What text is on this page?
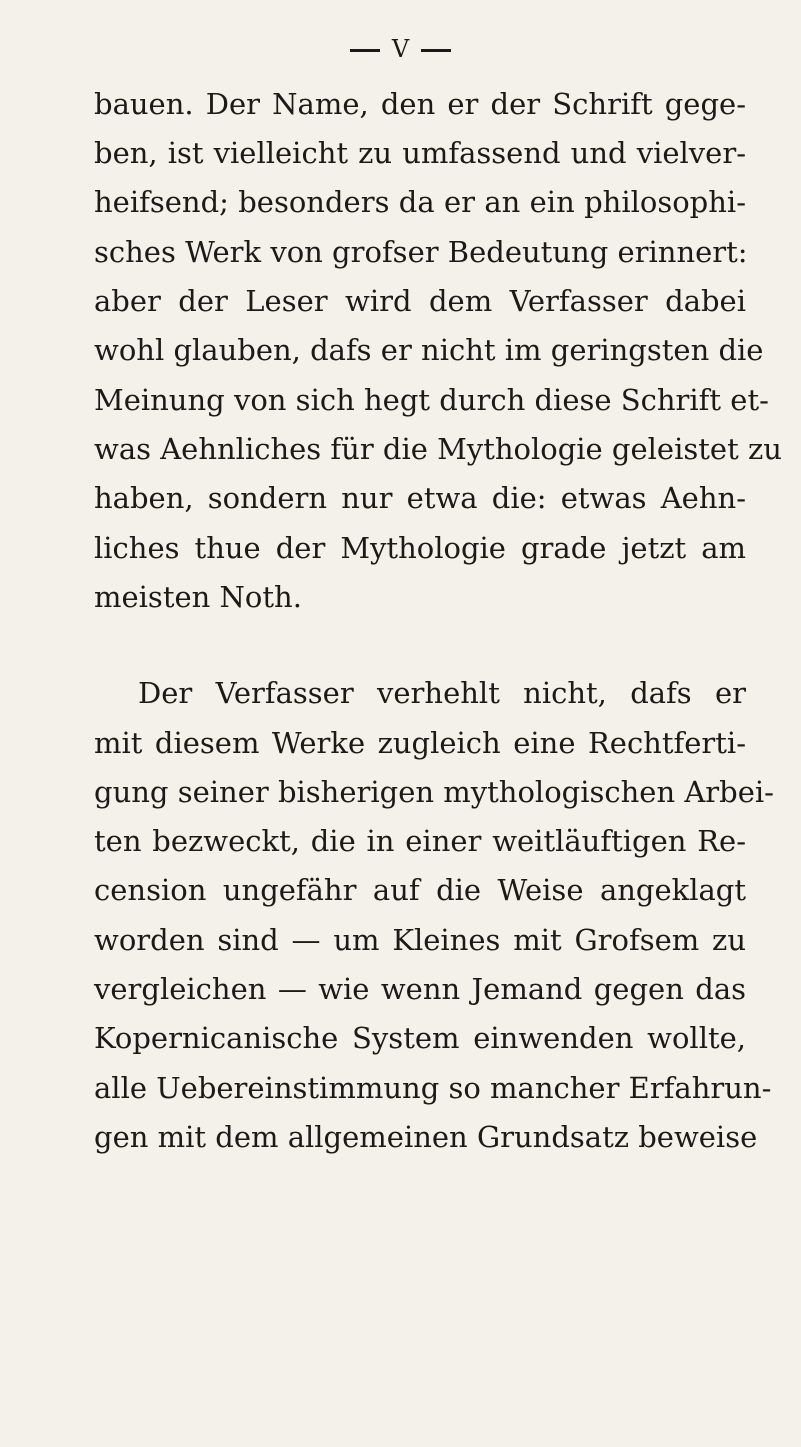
V
bauen. Der Name, den er der Schrift gege-
ben, ist vielleicht zu umfassend und vielver-
heifsend; besonders da er an ein philosophi-
sches Werk von grofser Bedeutung erinnert:
aber der Leser wird dem Verfasser dabei
wohl glauben, dafs er nicht im geringsten die
Meinung von sich hegt durch diese Schrift et-
was Aehnliches für die Mythologie geleistet zu
haben, sondern nur etwa die: etwas Aehn-
liches thue der Mythologie grade jetzt am
meisten Noth.
Der Verfasser verhehlt nicht, dafs er
mit diesem Werke zugleich eine Rechtferti-
gung seiner bisherigen mythologischen Arbei-
ten bezweckt, die in einer weitläuftigen Re-
cension ungefähr auf die Weise angeklagt
worden sind — um Kleines mit Grofsem zu
vergleichen — wie wenn Jemand gegen das
Kopernicanische System einwenden wollte,
alle Uebereinstimmung so mancher Erfahrun-
gen mit dem allgemeinen Grundsatz beweise
